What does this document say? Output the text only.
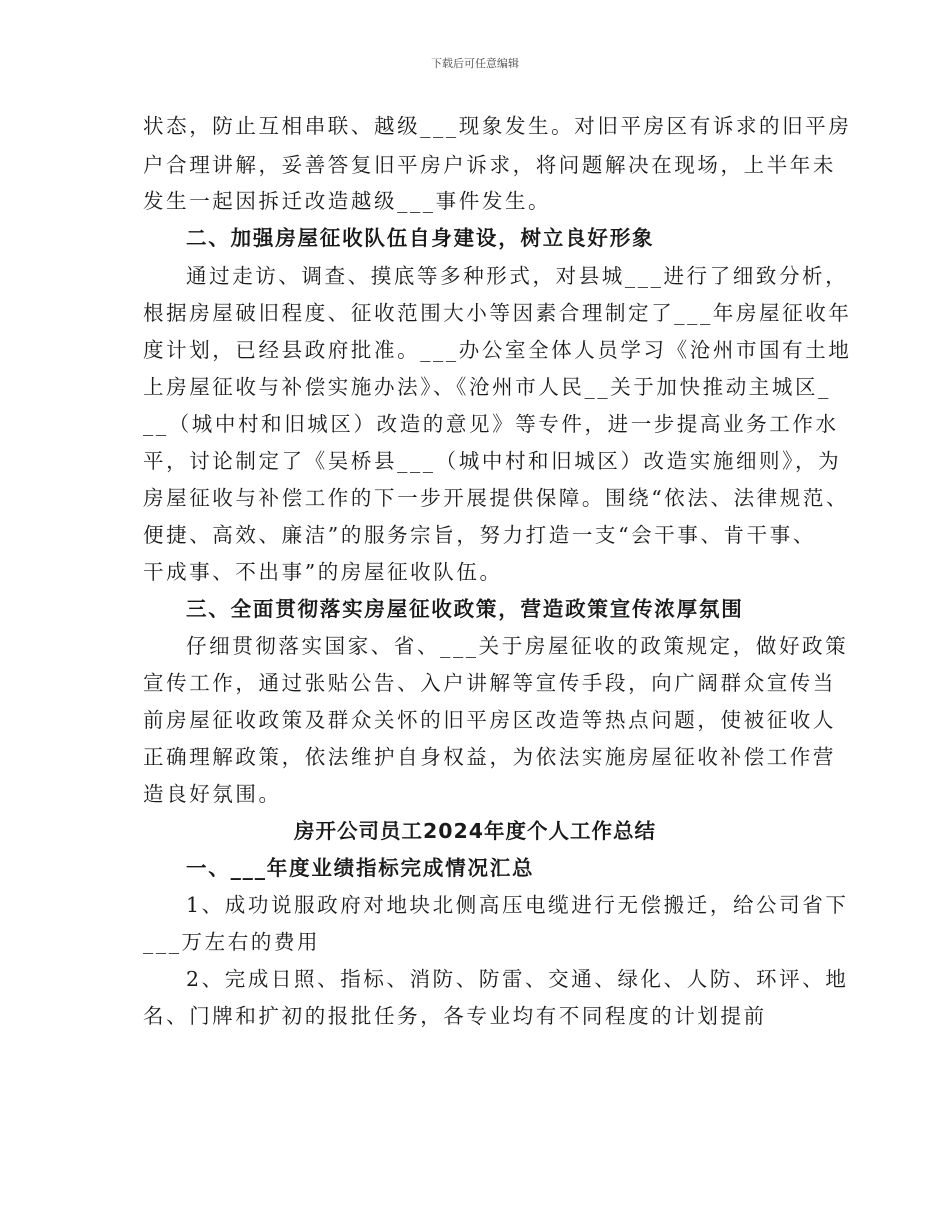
下载后可任意编辑
状态，防止互相串联、越级___现象发生。对旧平房区有诉求的旧平房
户合理讲解，妥善答复旧平房户诉求，将问题解决在现场，上半年未
发生一起因拆迁改造越级___事件发生。
二、加强房屋征收队伍自身建设，树立良好形象
通过走访、调查、摸底等多种形式，对县城___进行了细致分析，
根据房屋破旧程度、征收范围大小等因素合理制定了___年房屋征收年
度计划，已经县政府批准。___办公室全体人员学习《沧州市国有土地
上房屋征收与补偿实施办法》、《沧州市人民__关于加快推动主城区_
__（城中村和旧城区）改造的意见》等专件，进一步提高业务工作水
平，讨论制定了《吴桥县___（城中村和旧城区）改造实施细则》，为
房屋征收与补偿工作的下一步开展提供保障。围绕“依法、法律规范、
便捷、高效、廉洁”的服务宗旨，努力打造一支“会干事、肯干事、
干成事、不出事”的房屋征收队伍。
三、全面贯彻落实房屋征收政策，营造政策宣传浓厚氛围
仔细贯彻落实国家、省、___关于房屋征收的政策规定，做好政策
宣传工作，通过张贴公告、入户讲解等宣传手段，向广阔群众宣传当
前房屋征收政策及群众关怀的旧平房区改造等热点问题，使被征收人
正确理解政策，依法维护自身权益，为依法实施房屋征收补偿工作营
造良好氛围。
房开公司员工2024年度个人工作总结
一、___年度业绩指标完成情况汇总
1、成功说服政府对地块北侧高压电缆进行无偿搬迁，给公司省下
___万左右的费用
2、完成日照、指标、消防、防雷、交通、绿化、人防、环评、地
名、门牌和扩初的报批任务，各专业均有不同程度的计划提前
